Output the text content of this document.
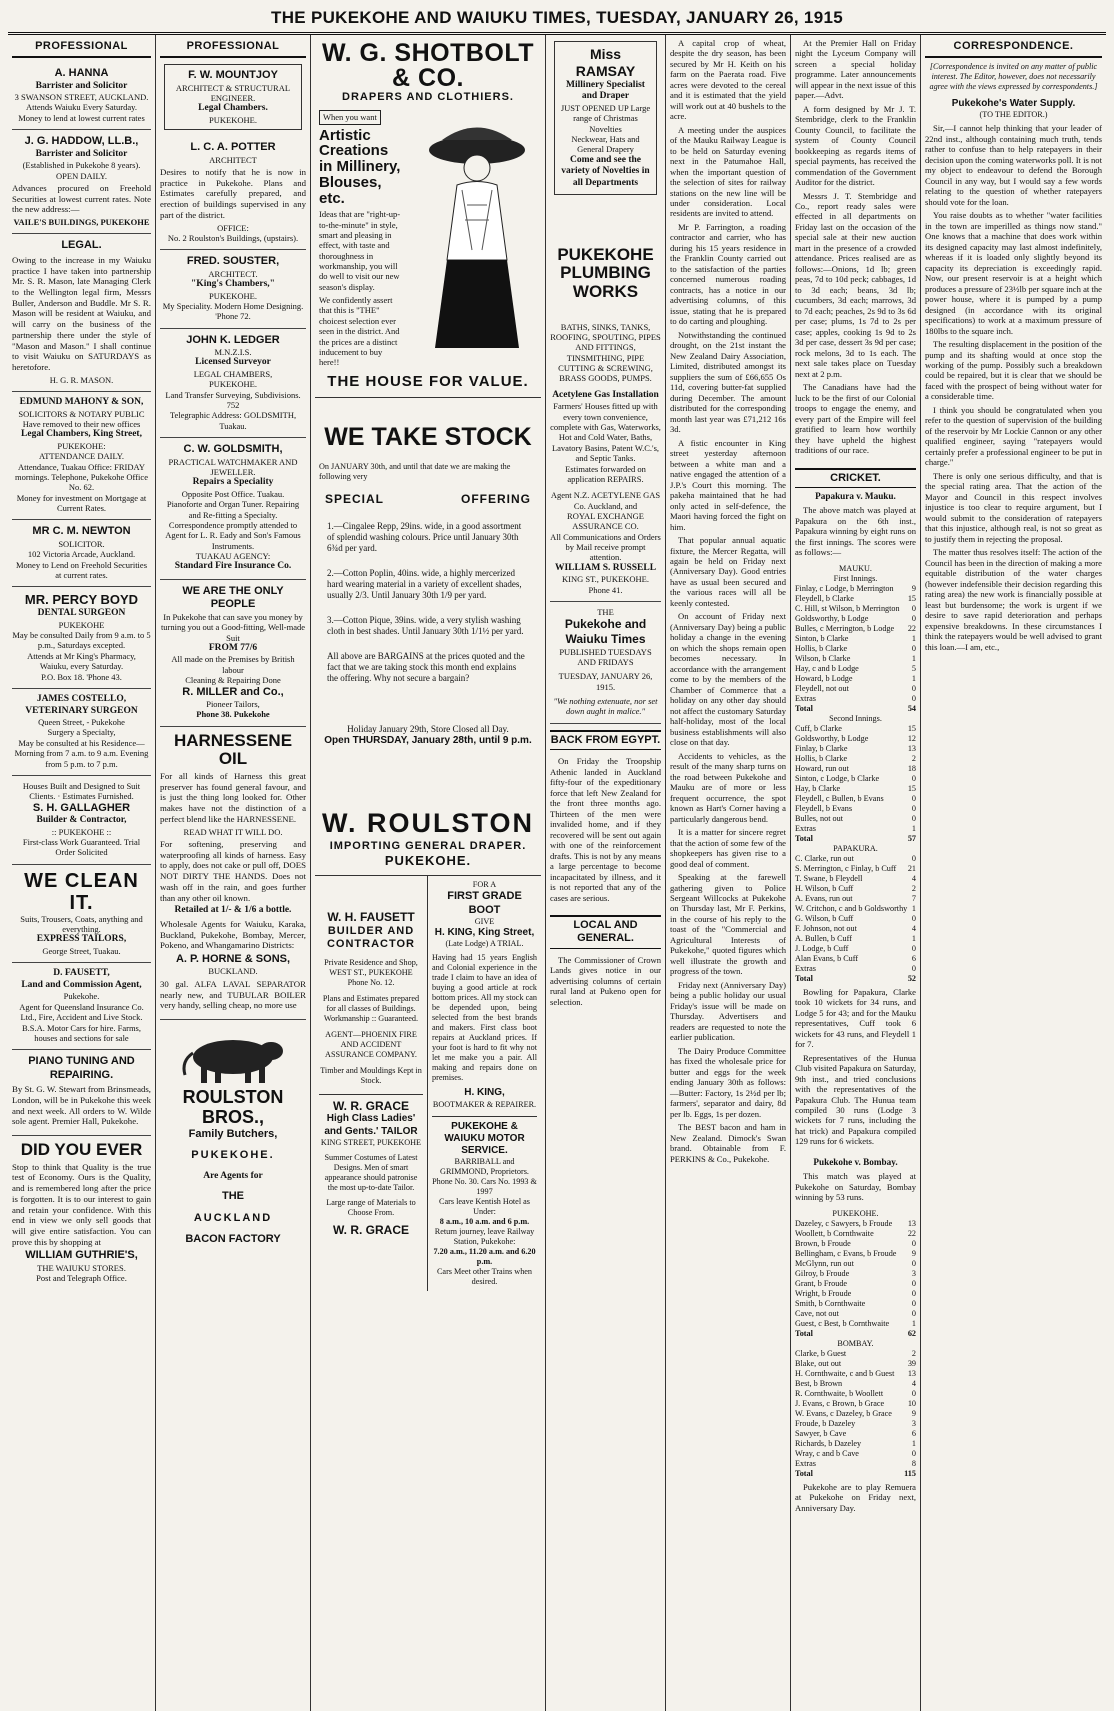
THE PUKEKOHE AND WAIUKU TIMES, TUESDAY, JANUARY 26, 1915
PROFESSIONAL
A. HANNA
Barrister and Solicitor
3 SWANSON STREET, AUCKLAND.
Attends Waiuku Every Saturday.
Money to lend at lowest current rates
J. G. HADDOW, LL.B.,
Barrister and Solicitor
(Established in Pukekohe 8 years).
OPEN DAILY.

Advances procured on Freehold Securities at lowest current rates. Note the new address:—

VAILE'S BUILDINGS, PUKEKOHE
LEGAL.

Owing to the increase in my Waiuku practice I have taken into partnership Mr. S. R. Mason, late Managing Clerk to the Wellington legal firm, Messrs Buller, Anderson and Buddle. Mr S. R. Mason will be resident at Waiuku, and will carry on the business of the partnership there under the style of "Mason and Mason." I shall continue to visit Waiuku on SATURDAYS as heretofore.

H. G. R. MASON.
EDMUND MAHONY & SON,
SOLICITORS & NOTARY PUBLIC
Have removed to their new offices
Legal Chambers, King Street,
PUKEKOHE:
ATTENDANCE DAILY.
Attendance, Tuakau Office: FRIDAY mornings. Telephone, Pukekohe Office No. 62.
Money for investment on Mortgage at Current Rates.
MR C. M. NEWTON
SOLICITOR.
102 Victoria Arcade, Auckland.
Money to Lend on Freehold Securities at current rates.
MR. PERCY BOYD
DENTAL SURGEON
PUKEKOHE
May be consulted Daily from 9 a.m. to 5 p.m., Saturdays excepted.
Attends at Mr King's Pharmacy, Waiuku, every Saturday.
P.O. Box 18. 'Phone 43.
JAMES COSTELLO,
VETERINARY SURGEON
Queen Street, - Pukekohe
Surgery a Specialty,
May be consulted at his Residence—
Morning from 7 a.m. to 9 a.m. Evening from 5 p.m. to 7 p.m.
Houses Built and Designed to Suit Clients. · Estimates Furnished.
S. H. GALLAGHER
Builder & Contractor,
:: PUKEKOHE ::
First-class Work Guaranteed. Trial Order Solicited
WE CLEAN IT.
Suits, Trousers, Coats, anything and everything.
EXPRESS TAILORS,
George Street, Tuakau.
D. FAUSETT,
Land and Commission Agent,
Pukekohe.
Agent for Queensland Insurance Co. Ltd., Fire, Accident and Live Stock.
B.S.A. Motor Cars for hire. Farms, houses and sections for sale
PIANO TUNING AND REPAIRING.

By St. G. W. Stewart from Brinsmeads, London, will be in Pukekohe this week and next week. All orders to W. Wilde sole agent. Premier Hall, Pukekohe.

DID YOU EVER

Stop to think that Quality is the true test of Economy. Ours is the Quality, and is remembered long after the price is forgotten. It is to our interest to gain and retain your confidence. With this end in view we only sell goods that will give entire satisfaction. You can prove this by shopping at

WILLIAM GUTHRIE'S,
THE WAIUKU STORES.
Post and Telegraph Office.
PROFESSIONAL
F. W. MOUNTJOY
ARCHITECT & STRUCTURAL ENGINEER.
Legal Chambers.
PUKEKOHE.
L. C. A. POTTER
ARCHITECT

Desires to notify that he is now in practice in Pukekohe. Plans and Estimates carefully prepared, and erection of buildings supervised in any part of the district.

OFFICE:
No. 2 Roulston's Buildings, (upstairs).
FRED. SOUSTER,
ARCHITECT.
"King's Chambers,"
PUKEKOHE.
My Speciality. Modern Home Designing.
'Phone 72.
JOHN K. LEDGER
M.N.Z.I.S.
Licensed Surveyor
LEGAL CHAMBERS,
PUKEKOHE.
Land Transfer Surveying, Subdivisions.
752
Telegraphic Address: GOLDSMITH, Tuakau.
C. W. GOLDSMITH,
PRACTICAL WATCHMAKER AND JEWELLER.
Repairs a Speciality
Opposite Post Office. Tuakau.
Pianoforte and Organ Tuner. Repairing and Re-fitting a Specialty.
Correspondence promptly attended to
Agent for L. R. Eady and Son's Famous Instruments.
TUAKAU AGENCY:
Standard Fire Insurance Co.
WE ARE THE ONLY PEOPLE
In Pukekohe that can save you money by turning you out a Good-fitting, Well-made Suit
FROM 77/6
All made on the Premises by British labour
Cleaning & Repairing Done
R. MILLER and Co.,
Pioneer Tailors,
Phone 38. Pukekohe
HARNESSENE OIL

For all kinds of Harness this great preserver has found general favour, and is just the thing long looked for. Other makes have not the distinction of a perfect blend like the HARNESSENE.

READ WHAT IT WILL DO.

For softening, preserving and waterproofing all kinds of harness. Easy to apply, does not cake or pull off, DOES NOT DIRTY THE HANDS. Does not wash off in the rain, and goes further than any other oil known.

Retailed at 1/- & 1/6 a bottle.

Wholesale Agents for Waiuku, Karaka, Buckland, Pukekohe, Bombay, Mercer, Pokeno, and Whangamarino Districts:

A. P. HORNE & SONS,
BUCKLAND.

30 gal. ALFA LAVAL SEPARATOR nearly new, and TUBULAR BOILER very handy, selling cheap, no more use

ROULSTON BROS.,
Family Butchers,
PUKEKOHE.
Are Agents for
THE
AUCKLAND
BACON FACTORY
W. G. SHOTBOLT & CO.
DRAPERS AND CLOTHIERS.
When you want
Artistic Creations in Millinery, Blouses, etc.
Ideas that are "right-up-to-the-minute" in style, smart and pleasing in effect, with taste and thoroughness in workmanship, you will do well to visit our new season's display.
We confidently assert that this is "THE" choicest selection ever seen in the district. And the prices are a distinct inducement to buy here!!
THE HOUSE FOR VALUE.
WE TAKE STOCK
On JANUARY 30th, and until that date we are making the following very
SPECIAL	OFFERING
1.—Cingalee Repp, 29ins. wide, in a good assortment of splendid washing colours. Price until January 30th 6¾d per yard.
2.—Cotton Poplin, 40ins. wide, a highly mercerized hard wearing material in a variety of excellent shades, usually 2/3. Until January 30th 1/9 per yard.
3.—Cotton Pique, 39ins. wide, a very stylish washing cloth in best shades. Until January 30th 1/1½ per yard.
All above are BARGAINS at the prices quoted and the fact that we are taking stock this month end explains the offering. Why not secure a bargain?
Holiday January 29th, Store Closed all Day.
Open THURSDAY, January 28th, until 9 p.m.
W. ROULSTON
IMPORTING GENERAL DRAPER.
PUKEKOHE.
W. H. FAUSETT
BUILDER AND CONTRACTOR
Private Residence and Shop,
WEST ST., PUKEKOHE
Phone No. 12.
Plans and Estimates prepared for all classes of Buildings. Workmanship :: Guaranteed.
AGENT—PHOENIX FIRE AND ACCIDENT ASSURANCE COMPANY.
Timber and Mouldings Kept in Stock.
W. R. GRACE
High Class Ladies' and Gents.' TAILOR
KING STREET, PUKEKOHE
Summer Costumes of Latest Designs. Men of smart appearance should patronise the most up-to-date Tailor.
Large range of Materials to Choose From.
W. R. GRACE
FOR A
FIRST GRADE BOOT
GIVE
H. KING, King Street,
(Late Lodge) A TRIAL.
Having had 15 years English and Colonial experience in the trade I claim to have an idea of buying a good article at rock bottom prices. All my stock can be depended upon, being selected from the best brands and makers. First class boot repairs at Auckland prices. If your foot is hard to fit why not let me make you a pair. All making and repairs done on premises.
H. KING,
BOOTMAKER & REPAIRER.
PUKEKOHE & WAIUKU MOTOR SERVICE.
BARRIBALL and GRIMMOND, Proprietors.
Phone No. 30. Cars No. 1993 & 1997
Cars leave Kentish Hotel as Under:
8 a.m., 10 a.m. and 6 p.m.
Return journey, leave Railway Station, Pukekohe:
7.20 a.m., 11.20 a.m. and 6.20 p.m.
Cars Meet other Trains when desired.
Miss RAMSAY
Millinery Specialist and Draper
JUST OPENED UP Large range of Christmas Novelties
Neckwear, Hats and General Drapery
Come and see the variety of Novelties in all Departments
PUKEKOHE PLUMBING WORKS
BATHS, SINKS, TANKS, ROOFING, SPOUTING, PIPES AND FITTINGS, TINSMITHING, PIPE CUTTING & SCREWING, BRASS GOODS, PUMPS.
Acetylene Gas Installation
Farmers' Houses fitted up with every town convenience, complete with Gas, Waterworks, Hot and Cold Water, Baths, Lavatory Basins, Patent W.C.'s, and Septic Tanks.
Estimates forwarded on application REPAIRS.
Agent N.Z. ACETYLENE GAS Co. Auckland, and
ROYAL EXCHANGE ASSURANCE CO.
All Communications and Orders by Mail receive prompt attention.
WILLIAM S. RUSSELL
KING ST., PUKEKOHE.
Phone 41.
THE
Pukekohe and Waiuku Times
PUBLISHED TUESDAYS AND FRIDAYS
TUESDAY, JANUARY 26, 1915.
"We nothing extenuate, nor set down aught in malice."
BACK FROM EGYPT.

On Friday the Troopship Athenic landed in Auckland fifty-four of the expeditionary force that left New Zealand for the front three months ago. Thirteen of the men were invalided home, and if they recovered will be sent out again with one of the reinforcement drafts. This is not by any means a large percentage to become incapacitated by illness, and it is not reported that any of the cases are serious.

LOCAL AND GENERAL.

The Commissioner of Crown Lands gives notice in our advertising columns of certain rural land at Pukeno open for selection.

A capital crop of wheat, despite the dry season, has been secured by Mr H. Keith on his farm on the Paerata road. Five acres were devoted to the cereal and it is estimated that the yield will work out at 40 bushels to the acre.

A meeting under the auspices of the Mauku Railway League is to be held on Saturday evening next in the Patumahoe Hall, when the important question of the selection of sites for railway stations on the new line will be under consideration. Local residents are invited to attend.

Mr P. Farrington, a roading contractor and carrier, who has during his 15 years residence in the Franklin County carried out to the satisfaction of the parties concerned numerous roading contracts, has a notice in our advertising columns, of this issue, stating that he is prepared to do carting and ploughing.

Notwithstanding the continued drought, on the 21st instant the New Zealand Dairy Association, Limited, distributed amongst its suppliers the sum of £66,655 Os 11d, covering butter-fat supplied during December. The amount distributed for the corresponding month last year was £71,212 16s 3d.

A fistic encounter in King street yesterday afternoon between a white man and a native engaged the attention of a J.P.'s Court this morning. The pakeha maintained that he had only acted in self-defence, the Maori having forced the fight on him.

That popular annual aquatic fixture, the Mercer Regatta, will again be held on Friday next (Anniversary Day). Good entries have as usual been secured and the various races will all be keenly contested.

On account of Friday next (Anniversary Day) being a public holiday a change in the evening on which the shops remain open becomes necessary. In accordance with the arrangement come to by the members of the Chamber of Commerce that a holiday on any other day should not affect the customary Saturday half-holiday, most of the local business establishments will also close on that day.

Accidents to vehicles, as the result of the many sharp turns on the road between Pukekohe and Mauku are of more or less frequent occurrence, the spot known as Hart's Corner having a particularly dangerous bend.

It is a matter for sincere regret that the action of some few of the shopkeepers has given rise to a good deal of comment.

Speaking at the farewell gathering given to Police Sergeant Willcocks at Pukekohe on Thursday last, Mr F. Perkins, in the course of his reply to the toast of the "Commercial and Agricultural Interests of Pukekohe," quoted figures which well illustrate the growth and progress of the town.

Friday next (Anniversary Day) being a public holiday our usual Friday's issue will be made on Thursday. Advertisers and readers are requested to note the earlier publication.

The Dairy Produce Committee has fixed the wholesale price for butter and eggs for the week ending January 30th as follows:—Butter: Factory, 1s 2½d per lb; farmers', separator and dairy, 8d per lb. Eggs, 1s per dozen.

The BEST bacon and ham in New Zealand. Dimock's Swan brand. Obtainable from F. PERKINS & Co., Pukekohe.

At the Premier Hall on Friday night the Lyceum Company will screen a special holiday programme. Later announcements will appear in the next issue of this paper.—Advt.

A form designed by Mr J. T. Stembridge, clerk to the Franklin County Council, to facilitate the system of County Council bookkeeping as regards items of special payments, has received the commendation of the Government Auditor for the district.

Messrs J. T. Stembridge and Co., report ready sales were effected in all departments on Friday last on the occasion of the special sale at their new auction mart in the presence of a crowded attendance. Prices realised are as follows:—Onions, 1d lb; green peas, 7d to 10d peck; cabbages, 1d to 3d each; beans, 3d lb; cucumbers, 3d each; marrows, 3d to 7d each; peaches, 2s 9d to 3s 6d per case; plums, 1s 7d to 2s per case; apples, cooking 1s 9d to 2s 3d per case, dessert 3s 9d per case; rock melons, 3d to 1s each. The next sale takes place on Tuesday next at 2 p.m.

The Canadians have had the luck to be the first of our Colonial troops to engage the enemy, and every part of the Empire will feel gratified to learn how worthily they have upheld the highest traditions of our race.

CRICKET.
Papakura v. Mauku.

The above match was played at Papakura on the 6th inst., Papakura winning by eight runs on the first innings. The scores were as follows:—

MAUKU.
First Innings.
Finlay, c Lodge, b Merrington 9
Fleydell, b Clarke	15
C. Hill, st Wilson, b Merrington 0
Goldsworthy, b Lodge	0
Bulles, c Merrington, b Lodge 22
Sinton, b Clarke	1
Hollis, b Clarke	0
Wilson, b Clarke	1
Hay, c and b Lodge	5
Howard, b Lodge	1
Fleydell, not out	0
Extras	0
Total	54
Second Innings.
Cuff, b Clarke	15
Goldsworthy, b Lodge	12
Finlay, b Clarke	13
Hollis, b Clarke	2
Howard, run out	18
Sinton, c Lodge, b Clarke	0
Hay, b Clarke	15
Fleydell, c Bullen, b Evans	0
Fleydell, b Evans	0
Bulles, not out	0
Extras	1
Total	57
PAPAKURA.
C. Clarke, run out	0
S. Merrington, c Finlay, b Cuff 21
T. Swane, b Fleydell	4
H. Wilson, b Cuff	2
A. Evans, run out	7
W. Critchon, c and b Goldsworthy 1
G. Wilson, b Cuff	0
F. Johnson, not out	4
A. Bullen, b Cuff	1
J. Lodge, b Cuff	0
Alan Evans, b Cuff	6
Extras	0
Total	52

Bowling for Papakura, Clarke took 10 wickets for 34 runs, and Lodge 5 for 43; and for the Mauku representatives, Cuff took 6 wickets for 43 runs, and Fleydell 1 for 7.

Representatives of the Hunua Club visited Papakura on Saturday, 9th inst., and tried conclusions with the representatives of the Papakura Club. The Hunua team compiled 30 runs (Lodge 3 wickets for 7 runs, including the hat trick) and Papakura compiled 129 runs for 6 wickets.

Pukekohe v. Bombay.

This match was played at Pukekohe on Saturday, Bombay winning by 53 runs.

PUKEKOHE.
Dazeley, c Sawyers, b Froude 13
Woollett, b Cornthwaite	22
Brown, b Froude	0
Bellingham, c Evans, b Froude 9
McGlynn, run out	0
Gilroy, b Froude	3
Grant, b Froude	0
Wright, b Froude	0
Smith, b Cornthwaite	0
Cave, not out	0
Guest, c Best, b Cornthwaite	1
Total	62
BOMBAY.
Clarke, b Guest	2
Blake, out out	39
H. Cornthwaite, c and b Guest 13
Best, b Brown	4
R. Cornthwaite, b Woollett	0
J. Evans, c Brown, b Grace	10
W. Evans, c Dazeley, b Grace 9
Froude, b Dazeley	3
Sawyer, b Cave	6
Richards, b Dazeley	1
Wray, c and b Cave	0
Extras	8
Total	115

Pukekohe are to play Remuera at Pukekohe on Friday next, Anniversary Day.

CORRESPONDENCE.
[Correspondence is invited on any matter of public interest. The Editor, however, does not necessarily agree with the views expressed by correspondents.]
Pukekohe's Water Supply.
(TO THE EDITOR.)

Sir,—I cannot help thinking that your leader of 22nd inst., although containing much truth, tends rather to confuse than to help ratepayers in their decision upon the coming waterworks poll. It is not my object to endeavour to defend the Borough Council in any way, but I would say a few words relating to the question of whether ratepayers should vote for the loan.

You raise doubts as to whether "water facilities in the town are imperilled as things now stand." One knows that a machine that does work within its designed capacity may last almost indefinitely, whereas if it is loaded only slightly beyond its capacity its depreciation is exceedingly rapid. Now, our present reservoir is at a height which produces a pressure of 23½lb per square inch at the power house, where it is pumped by a pump designed (in accordance with its original specifications) to work at a maximum pressure of 180lbs to the square inch.

The resulting displacement in the position of the pump and its shafting would at once stop the working of the pump. Possibly such a breakdown could be repaired, but it is clear that we should be faced with the prospect of being without water for a considerable time.

I think you should be congratulated when you refer to the question of supervision of the building of the reservoir by Mr Lockie Cannon or any other qualified engineer, saying "ratepayers would certainly prefer a professional engineer to be put in charge."

There is only one serious difficulty, and that is the special rating area. That the action of the Mayor and Council in this respect involves injustice is too clear to require argument, but I would submit to the consideration of ratepayers that this injustice, although real, is not so great as to justify them in rejecting the proposal.

The matter thus resolves itself: The action of the Council has been in the direction of making a more equitable distribution of the water charges (however indefensible their decision regarding this rating area) the new work is financially possible at least but burdensome; the work is urgent if we desire to save rapid deterioration and perhaps expensive breakdowns. In these circumstances I think the ratepayers would be well advised to grant this loan.—I am, etc.,
